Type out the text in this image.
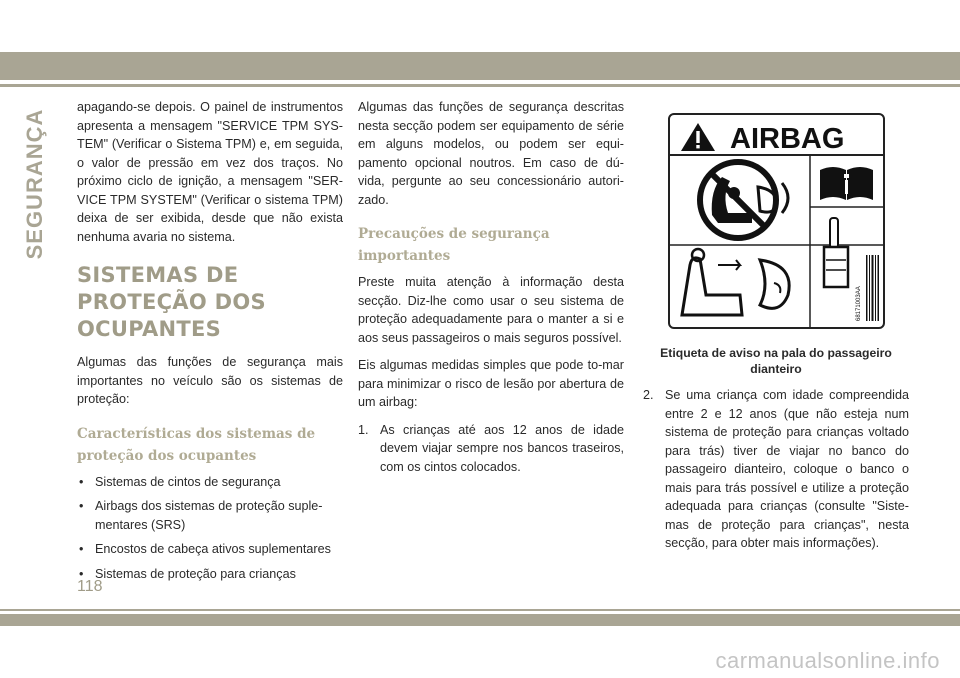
SEGURANÇA

apagando-se depois. O painel de instrumentos apresenta a mensagem "SERVICE TPM SYS-TEM" (Verificar o Sistema TPM) e, em seguida, o valor de pressão em vez dos traços. No próximo ciclo de ignição, a mensagem "SER-VICE TPM SYSTEM" (Verificar o sistema TPM) deixa de ser exibida, desde que não exista nenhuma avaria no sistema.

SISTEMAS DE PROTEÇÃO DOS OCUPANTES

Algumas das funções de segurança mais importantes no veículo são os sistemas de proteção:

Características dos sistemas de proteção dos ocupantes
• Sistemas de cintos de segurança
• Airbags dos sistemas de proteção suple-mentares (SRS)
• Encostos de cabeça ativos suplementares
• Sistemas de proteção para crianças

Algumas das funções de segurança descritas nesta secção podem ser equipamento de série em alguns modelos, ou podem ser equi-pamento opcional noutros. Em caso de dú-vida, pergunte ao seu concessionário autori-zado.

Precauções de segurança importantes

Preste muita atenção à informação desta secção. Diz-lhe como usar o seu sistema de proteção adequadamente para o manter a si e aos seus passageiros o mais seguros possível.

Eis algumas medidas simples que pode to-mar para minimizar o risco de lesão por abertura de um airbag:

1. As crianças até aos 12 anos de idade devem viajar sempre nos bancos traseiros, com os cintos colocados.
AIRBAG
68171003AA
Etiqueta de aviso na pala do passageiro dianteiro
2. Se uma criança com idade compreendida entre 2 e 12 anos (que não esteja num sistema de proteção para crianças voltado para trás) tiver de viajar no banco do passageiro dianteiro, coloque o banco o mais para trás possível e utilize a proteção adequada para crianças (consulte "Siste-mas de proteção para crianças", nesta secção, para obter mais informações).
118
carmanualsonline.info
